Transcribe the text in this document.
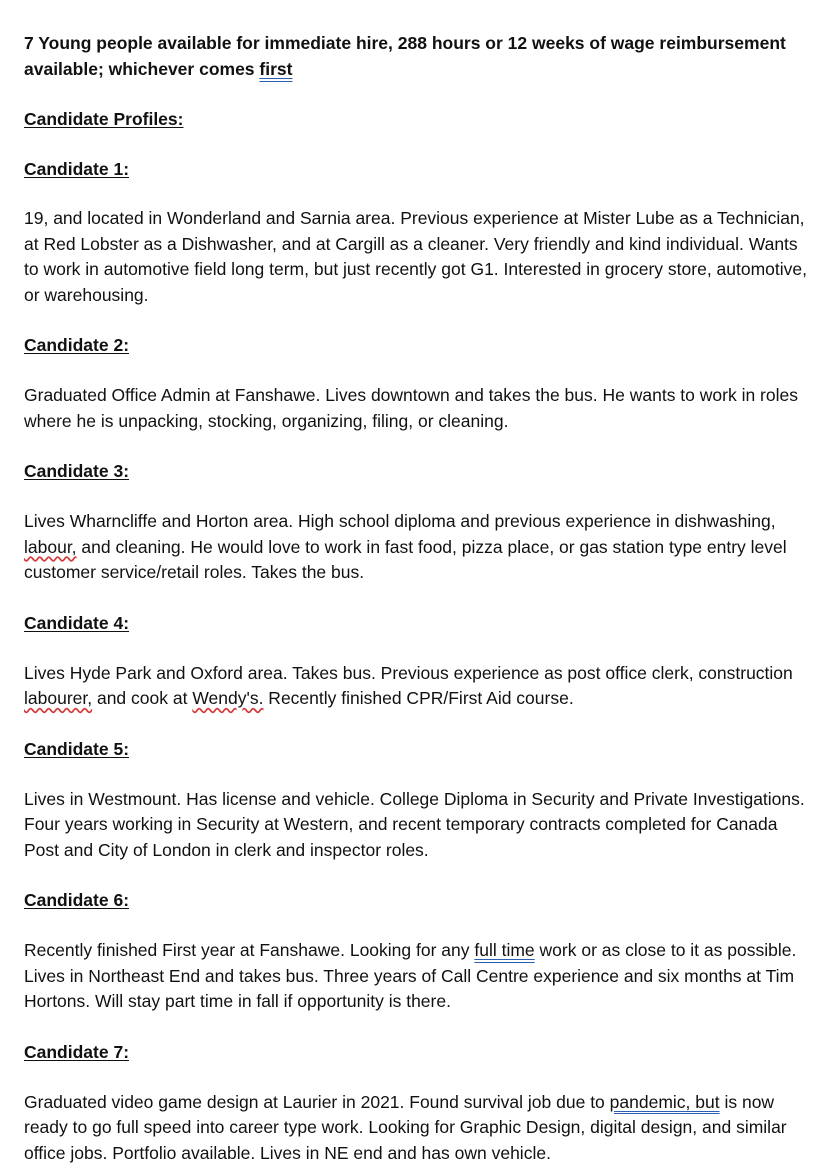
7 Young people available for immediate hire, 288 hours or 12 weeks of wage reimbursement available; whichever comes first

Candidate Profiles:

Candidate 1:

19, and located in Wonderland and Sarnia area. Previous experience at Mister Lube as a Technician, at Red Lobster as a Dishwasher, and at Cargill as a cleaner. Very friendly and kind individual. Wants to work in automotive field long term, but just recently got G1. Interested in grocery store, automotive, or warehousing.

Candidate 2:

Graduated Office Admin at Fanshawe. Lives downtown and takes the bus. He wants to work in roles where he is unpacking, stocking, organizing, filing, or cleaning.

Candidate 3:

Lives Wharncliffe and Horton area. High school diploma and previous experience in dishwashing, labour, and cleaning. He would love to work in fast food, pizza place, or gas station type entry level customer service/retail roles. Takes the bus.

Candidate 4:

Lives Hyde Park and Oxford area. Takes bus. Previous experience as post office clerk, construction labourer, and cook at Wendy's. Recently finished CPR/First Aid course.

Candidate 5:

Lives in Westmount. Has license and vehicle. College Diploma in Security and Private Investigations. Four years working in Security at Western, and recent temporary contracts completed for Canada Post and City of London in clerk and inspector roles.

Candidate 6:

Recently finished First year at Fanshawe. Looking for any full time work or as close to it as possible. Lives in Northeast End and takes bus. Three years of Call Centre experience and six months at Tim Hortons. Will stay part time in fall if opportunity is there.

Candidate 7:

Graduated video game design at Laurier in 2021. Found survival job due to pandemic, but is now ready to go full speed into career type work. Looking for Graphic Design, digital design, and similar office jobs. Portfolio available. Lives in NE end and has own vehicle.
